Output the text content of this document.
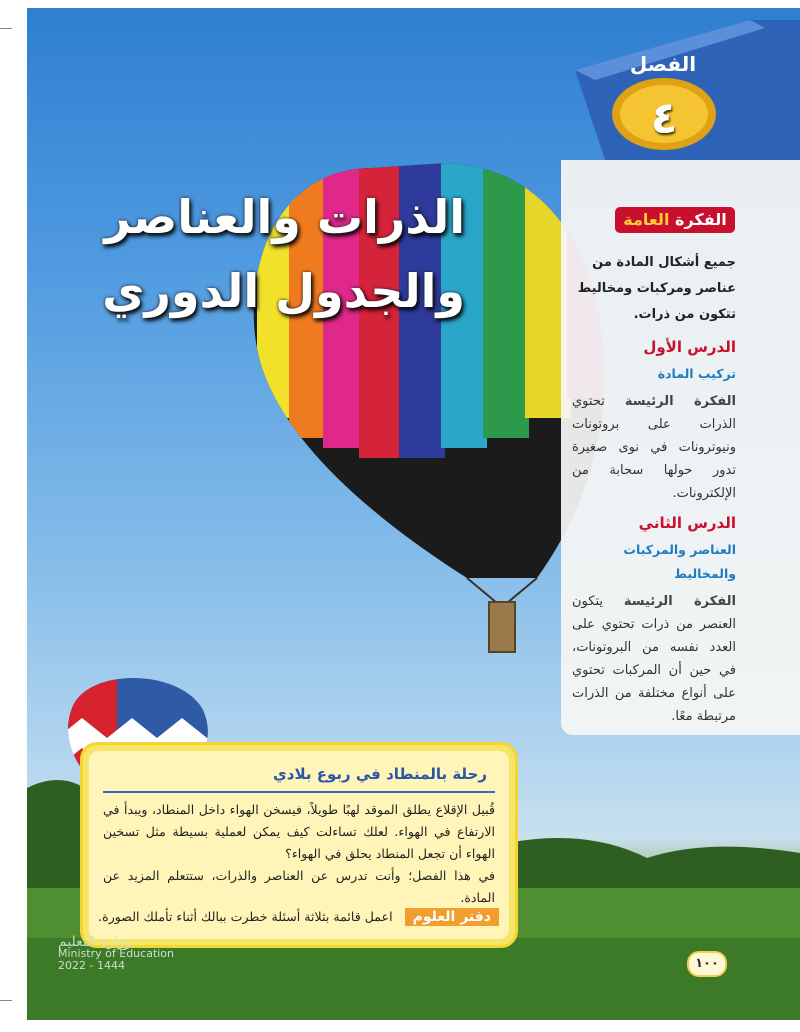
الذرات والعناصر
والجدول الدوري
الفصل
٤
الفكرة العامة
جميع أشكال المادة من عناصر ومركبات ومخاليط تتكون من ذرات.
الدرس الأول
تركيب المادة
الفكرة الرئيسة تحتوي الذرات على بروتونات ونيوترونات في نوى صغيرة تدور حولها سحابة من الإلكترونات.
الدرس الثاني
العناصر والمركبات والمخاليط
الفكرة الرئيسة يتكون العنصر من ذرات تحتوي على العدد نفسه من البروتونات، في حين أن المركبات تحتوي على أنواع مختلفة من الذرات مرتبطة معًا.
رحلة بالمنطاد في ربوع بلادي
قُبيل الإقلاع يطلق الموقد لهبًا طويلاً، فيسخن الهواء داخل المنطاد، ويبدأ في الارتفاع في الهواء. لعلك تساءلت كيف يمكن لعملية بسيطة مثل تسخين الهواء أن تجعل المنطاد يحلق في الهواء؟
في هذا الفصل؛ وأنت تدرس عن العناصر والذرات، ستتعلم المزيد عن المادة.
دفتر العلوم اعمل قائمة بثلاثة أسئلة خطرت ببالك أثناء تأملك الصورة.
١٠٠
وزارة التعليم
Ministry of Education
2022 - 1444
